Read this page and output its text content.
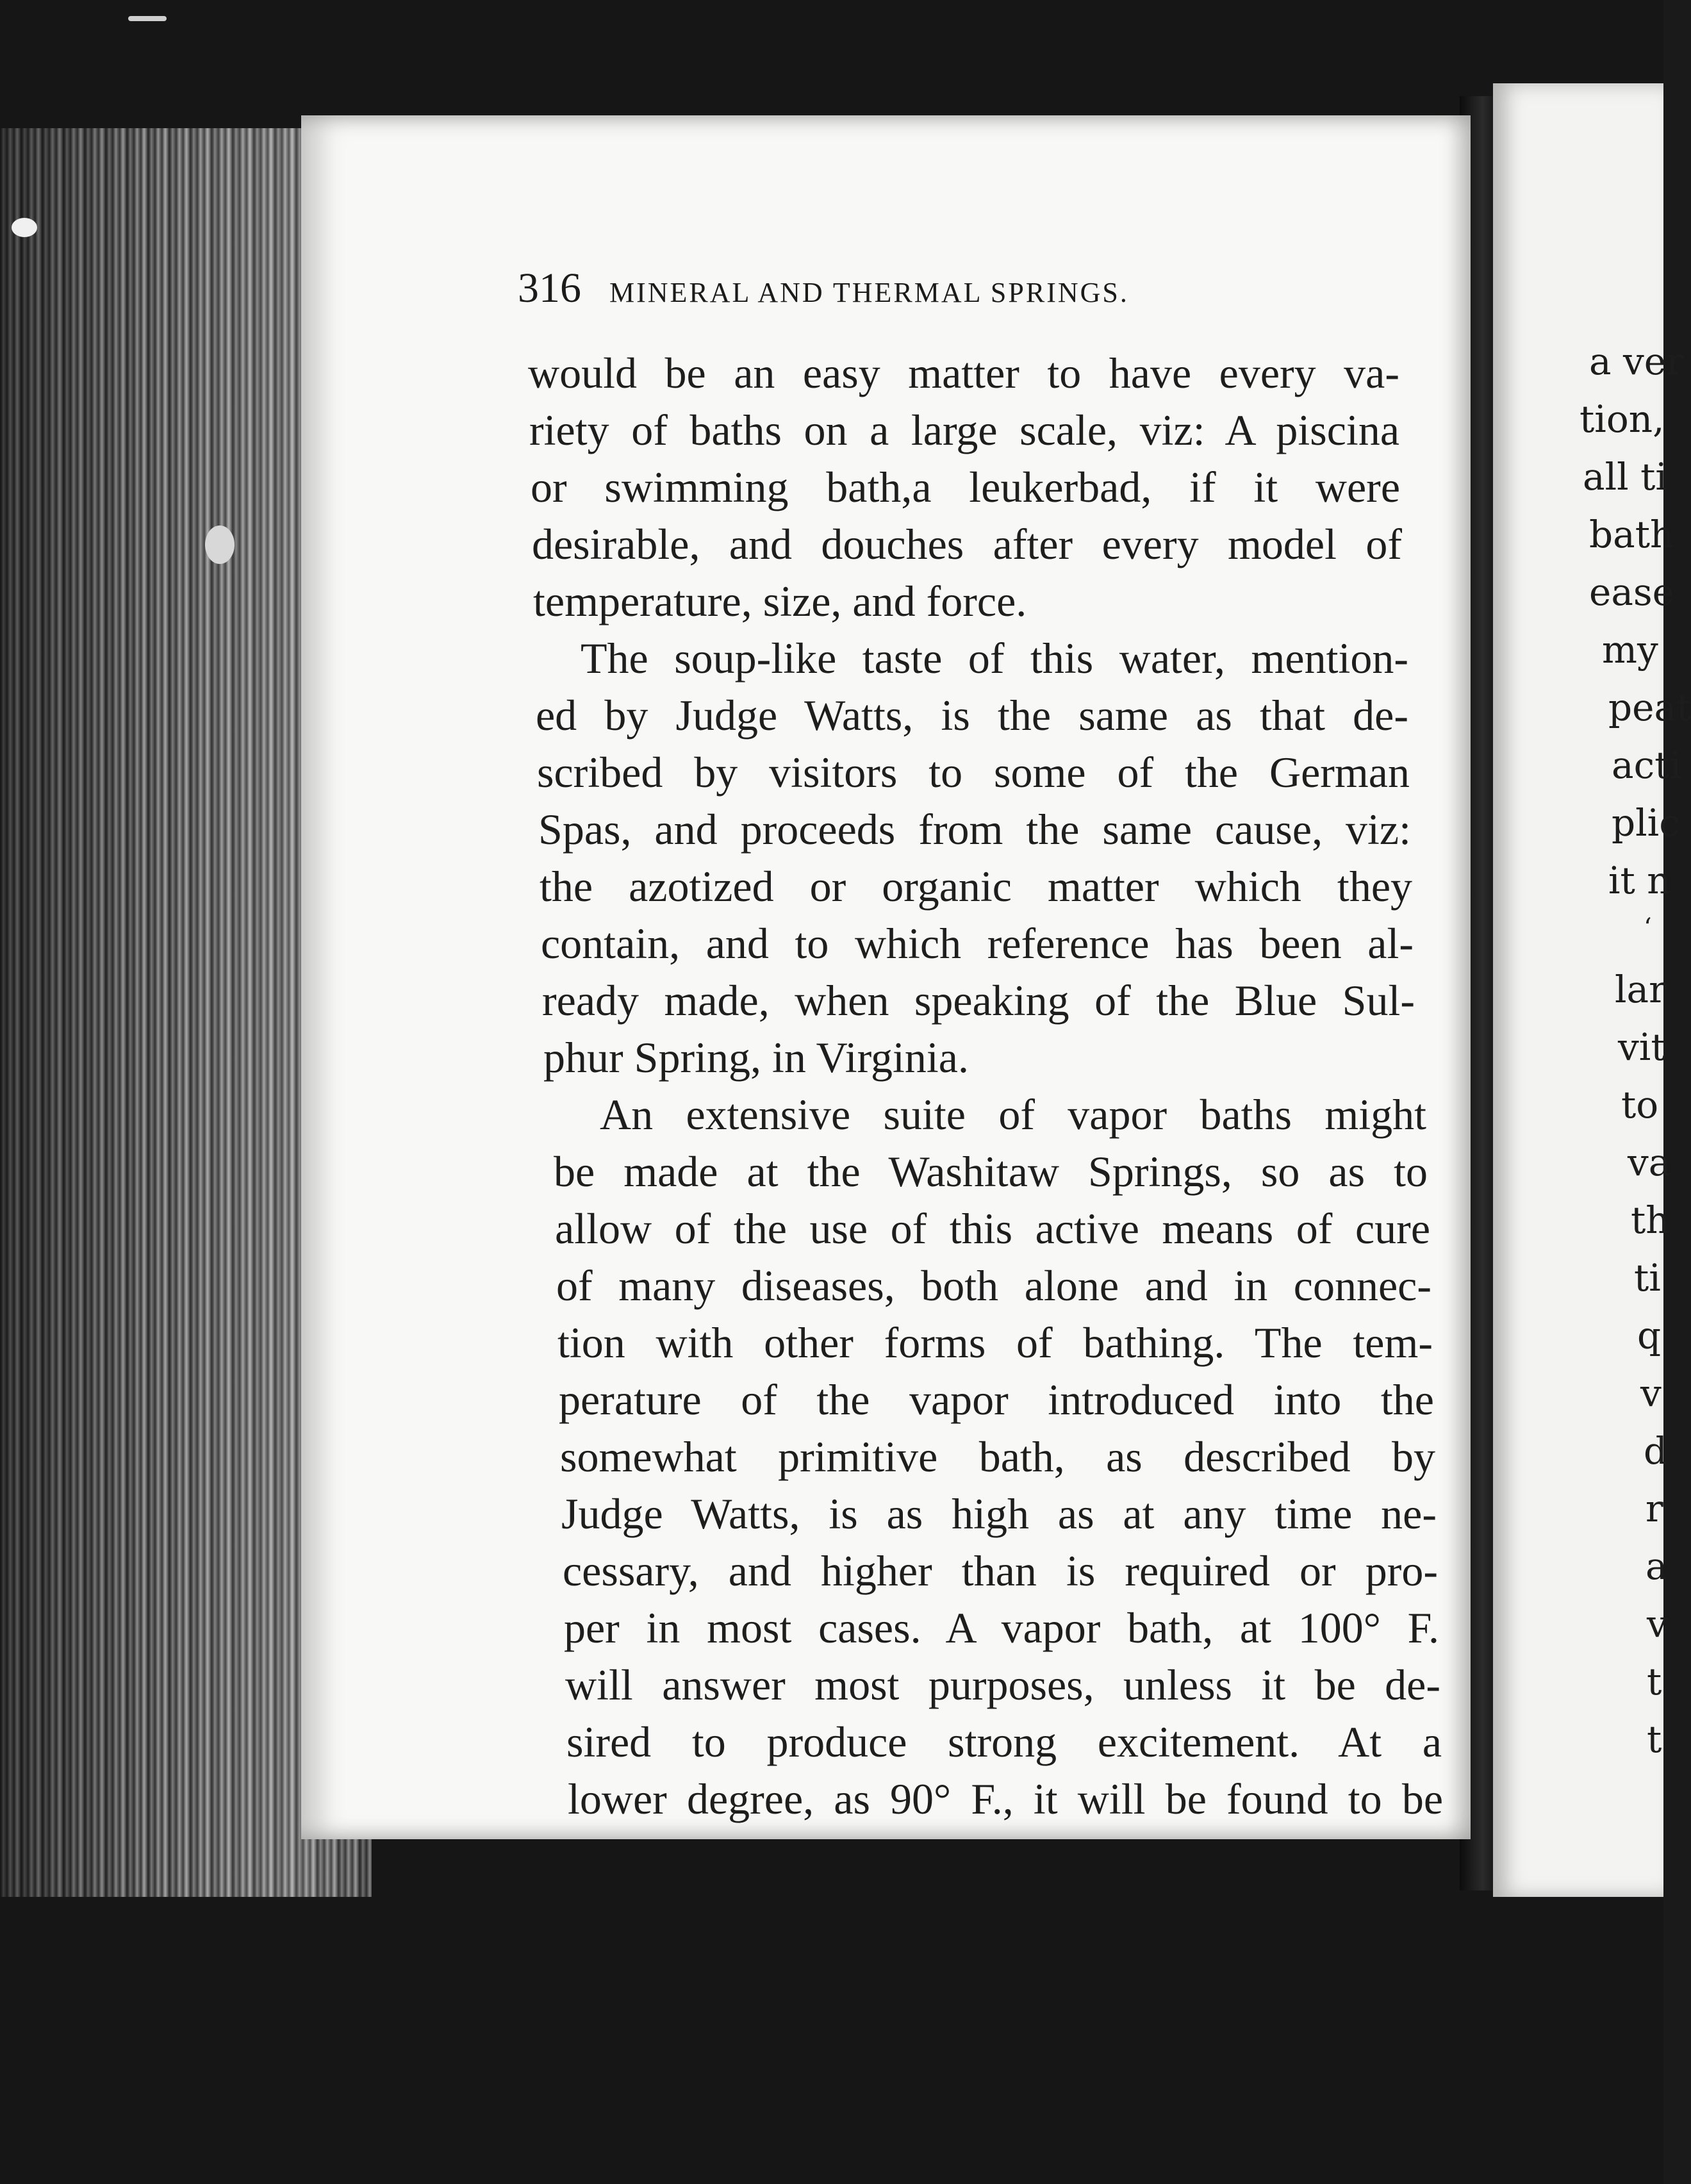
a ver
tion,
all ti
bath
ease
my
peat
acti
plic
it n
‘
lar
vit
to
va
th
ti
q
v
d
r
a
v
t
t
316 MINERAL AND THERMAL SPRINGS.
would be an easy matter to have every va-
riety of baths on a large scale, viz: A piscina
or swimming bath,a leukerbad, if it were
desirable, and douches after every model of
temperature, size, and force.
The soup-like taste of this water, mention-
ed by Judge Watts, is the same as that de-
scribed by visitors to some of the German
Spas, and proceeds from the same cause, viz:
the azotized or organic matter which they
contain, and to which reference has been al-
ready made, when speaking of the Blue Sul-
phur Spring, in Virginia.
An extensive suite of vapor baths might
be made at the Washitaw Springs, so as to
allow of the use of this active means of cure
of many diseases, both alone and in connec-
tion with other forms of bathing. The tem-
perature of the vapor introduced into the
somewhat primitive bath, as described by
Judge Watts, is as high as at any time ne-
cessary, and higher than is required or pro-
per in most cases. A vapor bath, at 100° F.
will answer most purposes, unless it be de-
sired to produce strong excitement. At a
lower degree, as 90° F., it will be found to be
